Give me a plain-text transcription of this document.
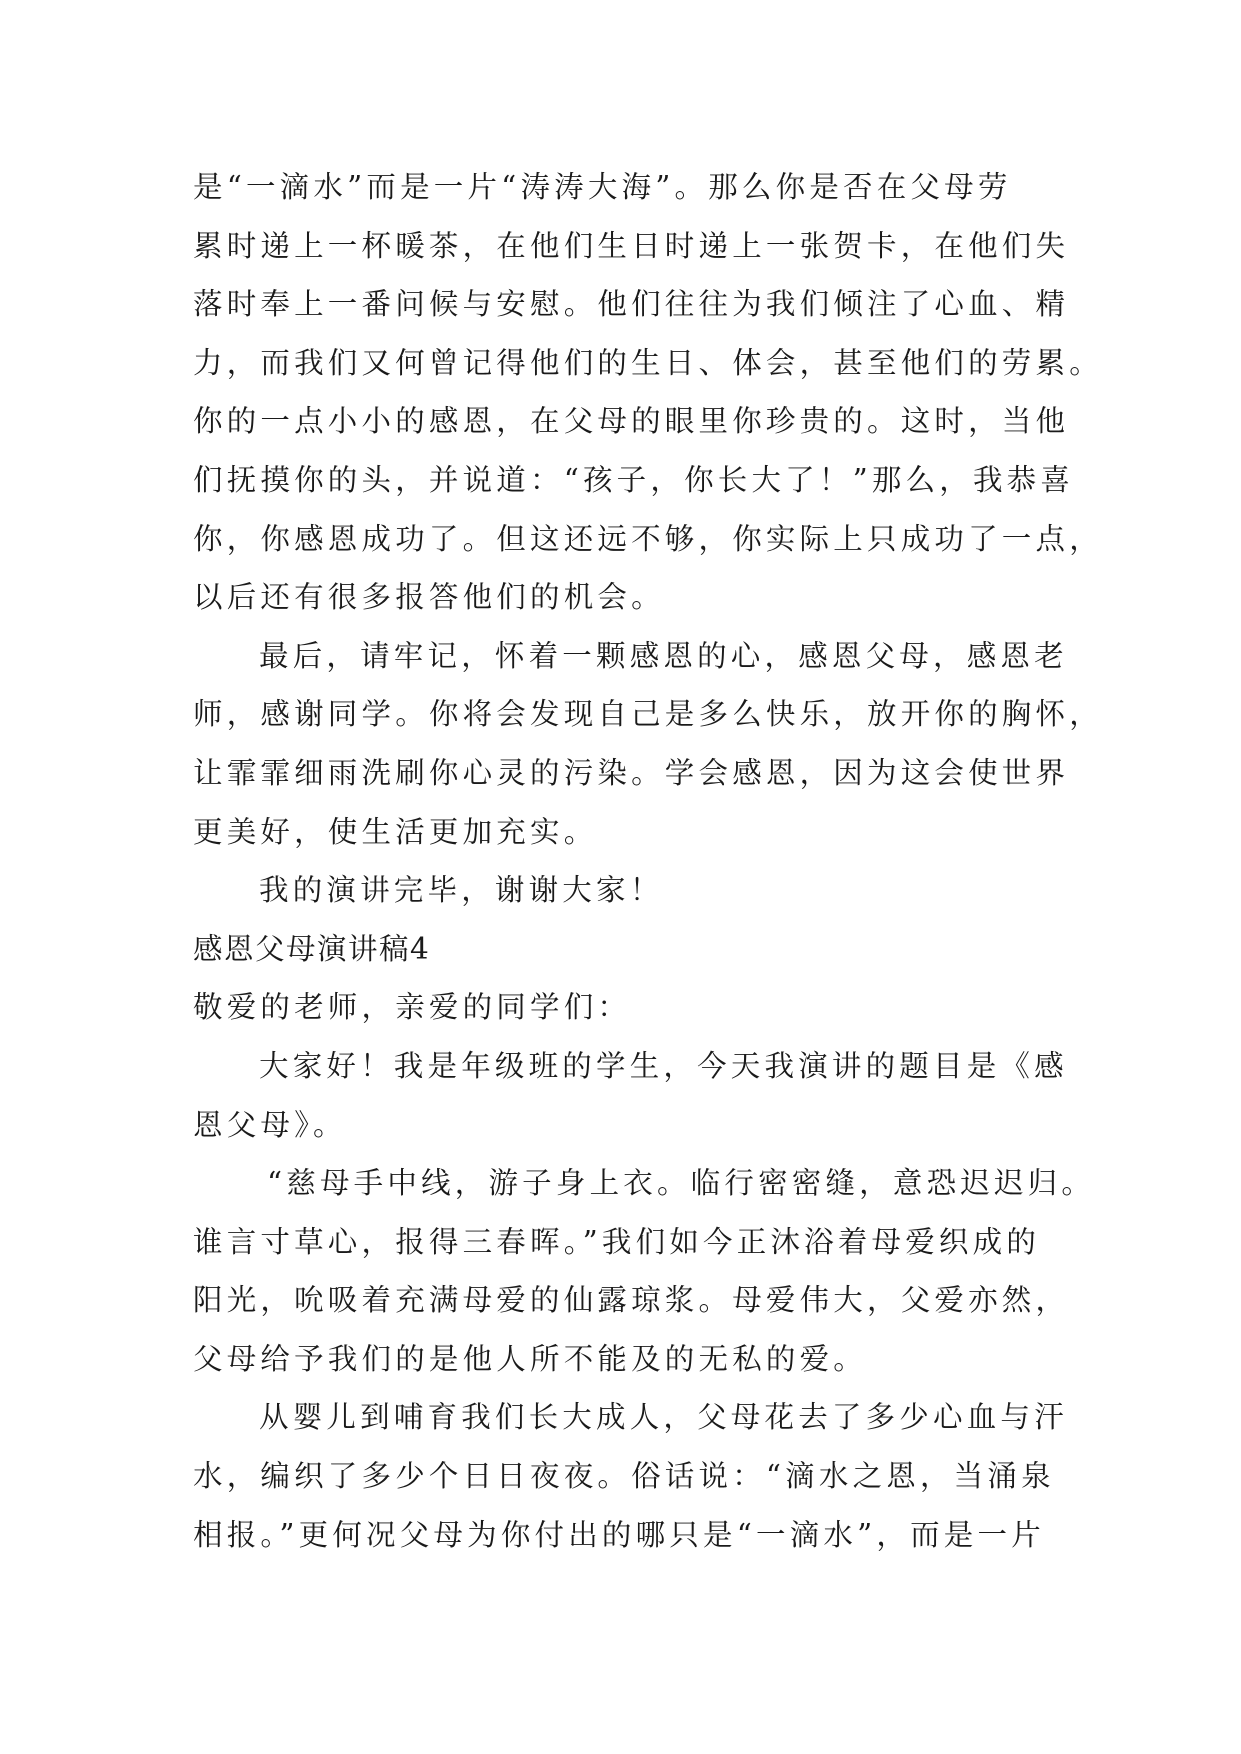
是“一滴水”而是一片“涛涛大海”。那么你是否在父母劳
累时递上一杯暖茶，在他们生日时递上一张贺卡，在他们失
落时奉上一番问候与安慰。他们往往为我们倾注了心血、精
力，而我们又何曾记得他们的生日、体会，甚至他们的劳累。
你的一点小小的感恩，在父母的眼里你珍贵的。这时，当他
们抚摸你的头，并说道：“孩子，你长大了！”那么，我恭喜
你，你感恩成功了。但这还远不够，你实际上只成功了一点，
以后还有很多报答他们的机会。
最后，请牢记，怀着一颗感恩的心，感恩父母，感恩老
师，感谢同学。你将会发现自己是多么快乐，放开你的胸怀，
让霏霏细雨洗刷你心灵的污染。学会感恩，因为这会使世界
更美好，使生活更加充实。
我的演讲完毕，谢谢大家！
感恩父母演讲稿4
敬爱的老师，亲爱的同学们：
大家好！我是年级班的学生，今天我演讲的题目是《感
恩父母》。
“慈母手中线，游子身上衣。临行密密缝，意恐迟迟归。
谁言寸草心，报得三春晖。”我们如今正沐浴着母爱织成的
阳光，吮吸着充满母爱的仙露琼浆。母爱伟大，父爱亦然，
父母给予我们的是他人所不能及的无私的爱。
从婴儿到哺育我们长大成人，父母花去了多少心血与汗
水，编织了多少个日日夜夜。俗话说：“滴水之恩，当涌泉
相报。”更何况父母为你付出的哪只是“一滴水”，而是一片
